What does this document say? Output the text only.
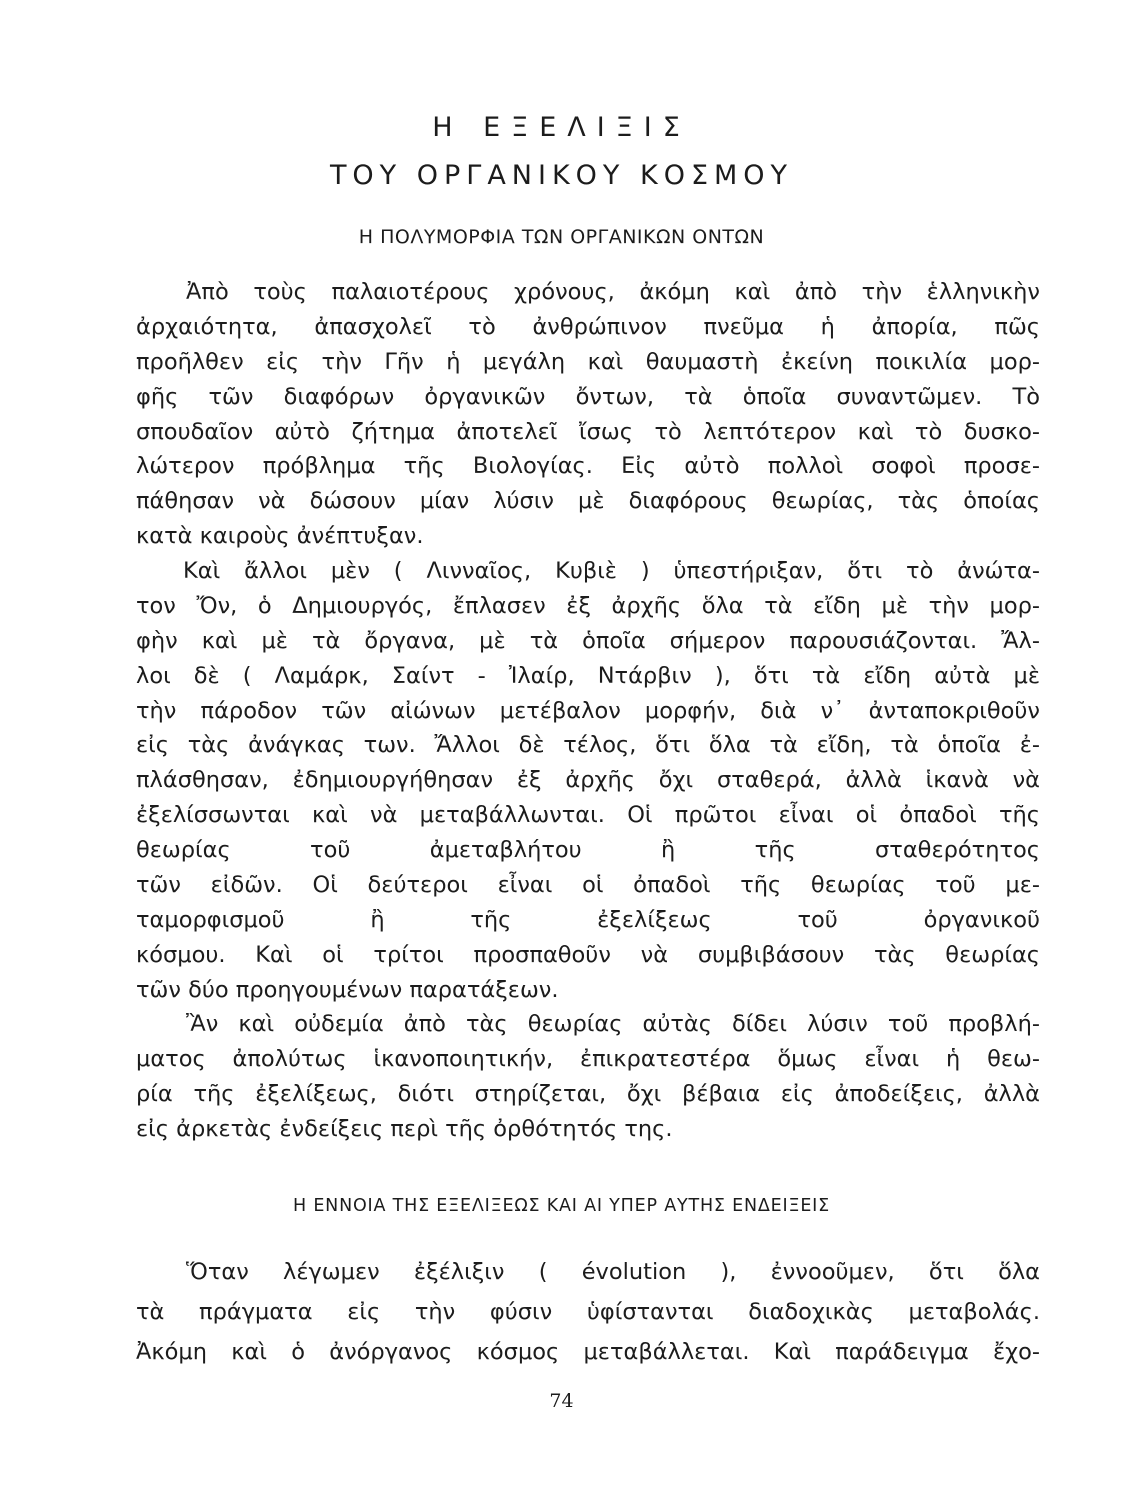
Η ΕΞΕΛΙΞΙΣ
ΤΟΥ ΟΡΓΑΝΙΚΟΥ ΚΟΣΜΟΥ
Η ΠΟΛΥΜΟΡΦΙΑ ΤΩΝ ΟΡΓΑΝΙΚΩΝ ΟΝΤΩΝ
Ἀπὸ τοὺς παλαιοτέρους χρόνους, ἀκόμη καὶ ἀπὸ τὴν ἑλληνικὴν
ἀρχαιότητα, ἀπασχολεῖ τὸ ἀνθρώπινον πνεῦμα ἡ ἀπορία, πῶς
προῆλθεν εἰς τὴν Γῆν ἡ μεγάλη καὶ θαυμαστὴ ἐκείνη ποικιλία μορ-
φῆς τῶν διαφόρων ὀργανικῶν ὄντων, τὰ ὁποῖα συναντῶμεν. Τὸ
σπουδαῖον αὐτὸ ζήτημα ἀποτελεῖ ἴσως τὸ λεπτότερον καὶ τὸ δυσκο-
λώτερον πρόβλημα τῆς Βιολογίας. Εἰς αὐτὸ πολλοὶ σοφοὶ προσε-
πάθησαν νὰ δώσουν μίαν λύσιν μὲ διαφόρους θεωρίας, τὰς ὁποίας
κατὰ καιροὺς ἀνέπτυξαν.
Καὶ ἄλλοι μὲν ( Λινναῖος, Κυβιὲ ) ὑπεστήριξαν, ὅτι τὸ ἀνώτα-
τον Ὄν, ὁ Δημιουργός, ἔπλασεν ἐξ ἀρχῆς ὅλα τὰ εἴδη μὲ τὴν μορ-
φὴν καὶ μὲ τὰ ὄργανα, μὲ τὰ ὁποῖα σήμερον παρουσιάζονται. Ἄλ-
λοι δὲ ( Λαμάρκ, Σαίντ - Ἰλαίρ, Ντάρβιν ), ὅτι τὰ εἴδη αὐτὰ μὲ
τὴν πάροδον τῶν αἰώνων μετέβαλον μορφήν, διὰ ν᾿ ἀνταποκριθοῦν
εἰς τὰς ἀνάγκας των. Ἄλλοι δὲ τέλος, ὅτι ὅλα τὰ εἴδη, τὰ ὁποῖα ἐ-
πλάσθησαν, ἐδημιουργήθησαν ἐξ ἀρχῆς ὄχι σταθερά, ἀλλὰ ἱκανὰ νὰ
ἐξελίσσωνται καὶ νὰ μεταβάλλωνται. Οἱ πρῶτοι εἶναι οἱ ὀπαδοὶ τῆς
θεωρίας τοῦ ἀμεταβλήτου ἢ τῆς σταθερότητος
τῶν εἰδῶν. Οἱ δεύτεροι εἶναι οἱ ὀπαδοὶ τῆς θεωρίας τοῦ με-
ταμορφισμοῦ ἢ τῆς ἐξελίξεως τοῦ ὀργανικοῦ
κόσμου. Καὶ οἱ τρίτοι προσπαθοῦν νὰ συμβιβάσουν τὰς θεωρίας
τῶν δύο προηγουμένων παρατάξεων.
Ἂν καὶ οὐδεμία ἀπὸ τὰς θεωρίας αὐτὰς δίδει λύσιν τοῦ προβλή-
ματος ἀπολύτως ἱκανοποιητικήν, ἐπικρατεστέρα ὅμως εἶναι ἡ θεω-
ρία τῆς ἐξελίξεως, διότι στηρίζεται, ὄχι βέβαια εἰς ἀποδείξεις, ἀλλὰ
εἰς ἀρκετὰς ἐνδείξεις περὶ τῆς ὀρθότητός της.
Η ΕΝΝΟΙΑ ΤΗΣ ΕΞΕΛΙΞΕΩΣ ΚΑΙ ΑΙ ΥΠΕΡ ΑΥΤΗΣ ΕΝΔΕΙΞΕΙΣ
Ὅταν λέγωμεν ἐξέλιξιν ( évolution ), ἐννοοῦμεν, ὅτι ὅλα
τὰ πράγματα εἰς τὴν φύσιν ὑφίστανται διαδοχικὰς μεταβολάς.
Ἀκόμη καὶ ὁ ἀνόργανος κόσμος μεταβάλλεται. Καὶ παράδειγμα ἔχο-
74
